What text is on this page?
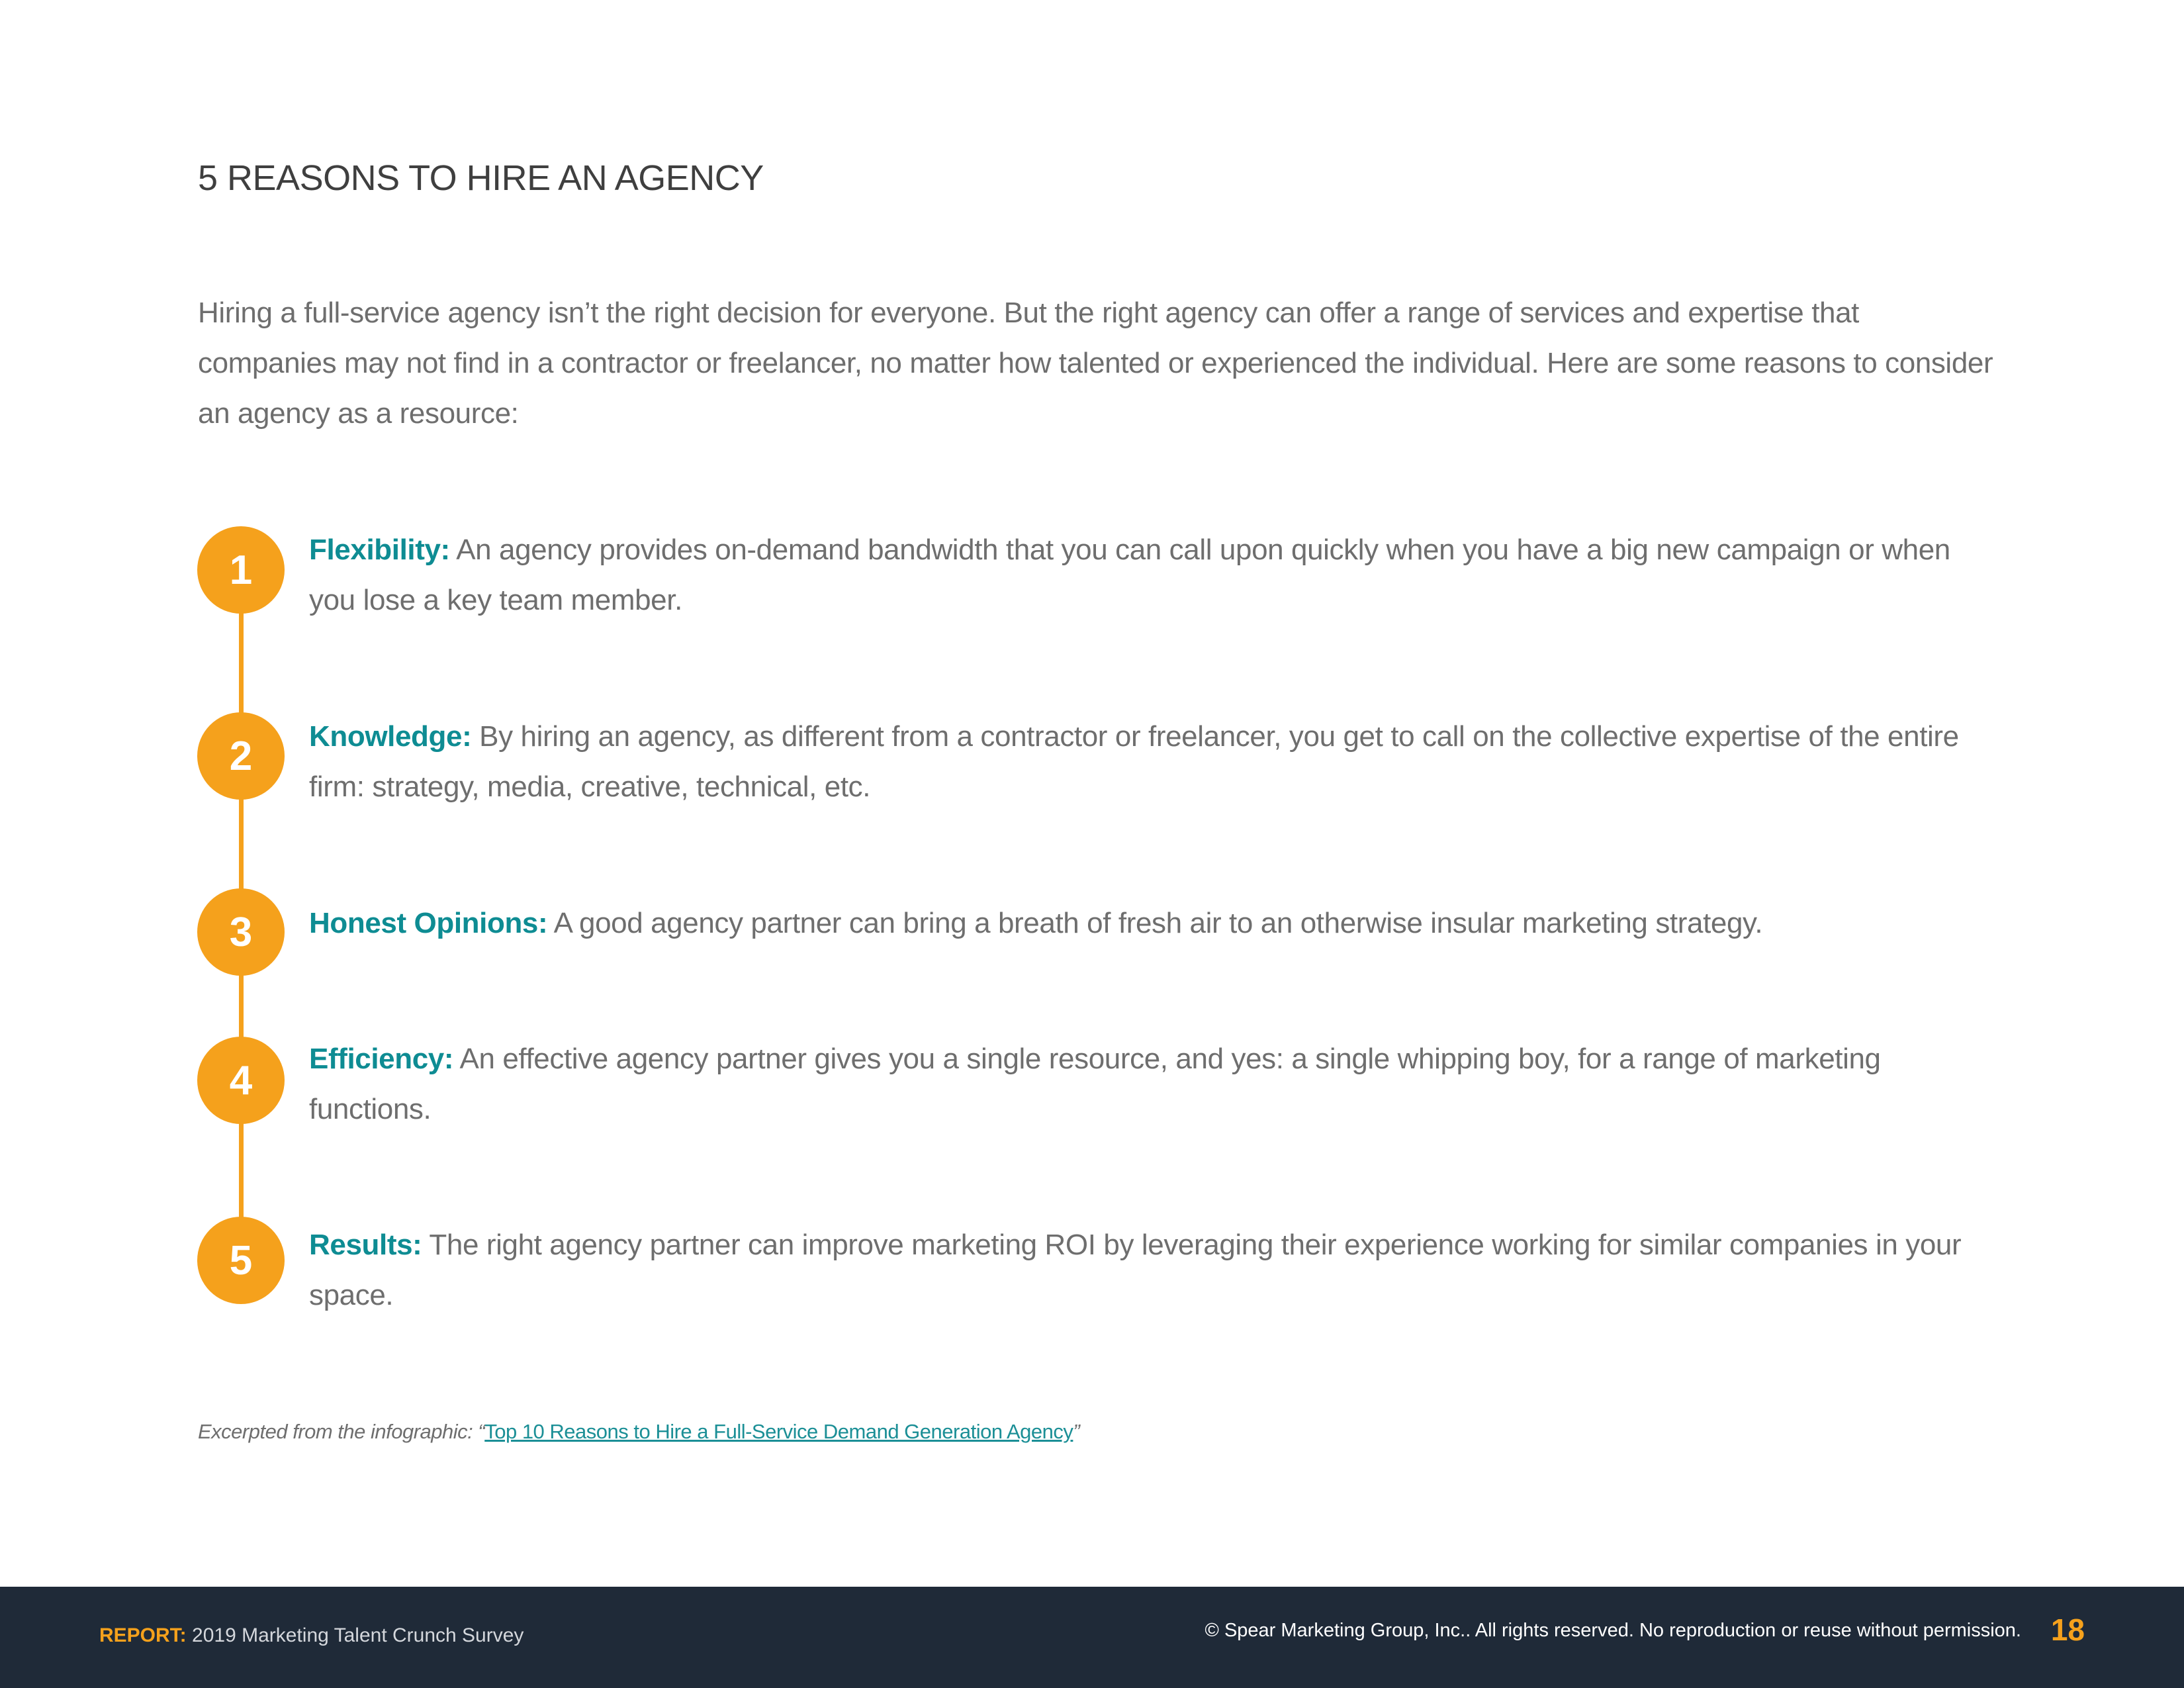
5 REASONS TO HIRE AN AGENCY

Hiring a full-service agency isn’t the right decision for everyone. But the right agency can offer a range of services and expertise that companies may not find in a contractor or freelancer, no matter how talented or experienced the individual. Here are some reasons to consider an agency as a resource:

1	Flexibility: An agency provides on-demand bandwidth that you can call upon quickly when you have a big new campaign or when you lose a key team member.

2	Knowledge: By hiring an agency, as different from a contractor or freelancer, you get to call on the collective expertise of the entire firm: strategy, media, creative, technical, etc.

3	Honest Opinions: A good agency partner can bring a breath of fresh air to an otherwise insular marketing strategy.

4	Efficiency: An effective agency partner gives you a single resource, and yes: a single whipping boy, for a range of marketing functions.

5	Results: The right agency partner can improve marketing ROI by leveraging their experience working for similar companies in your space.

Excerpted from the infographic: “Top 10 Reasons to Hire a Full-Service Demand Generation Agency”
REPORT: 2019 Marketing Talent Crunch Survey	© Spear Marketing Group, Inc.. All rights reserved. No reproduction or reuse without permission. 18
